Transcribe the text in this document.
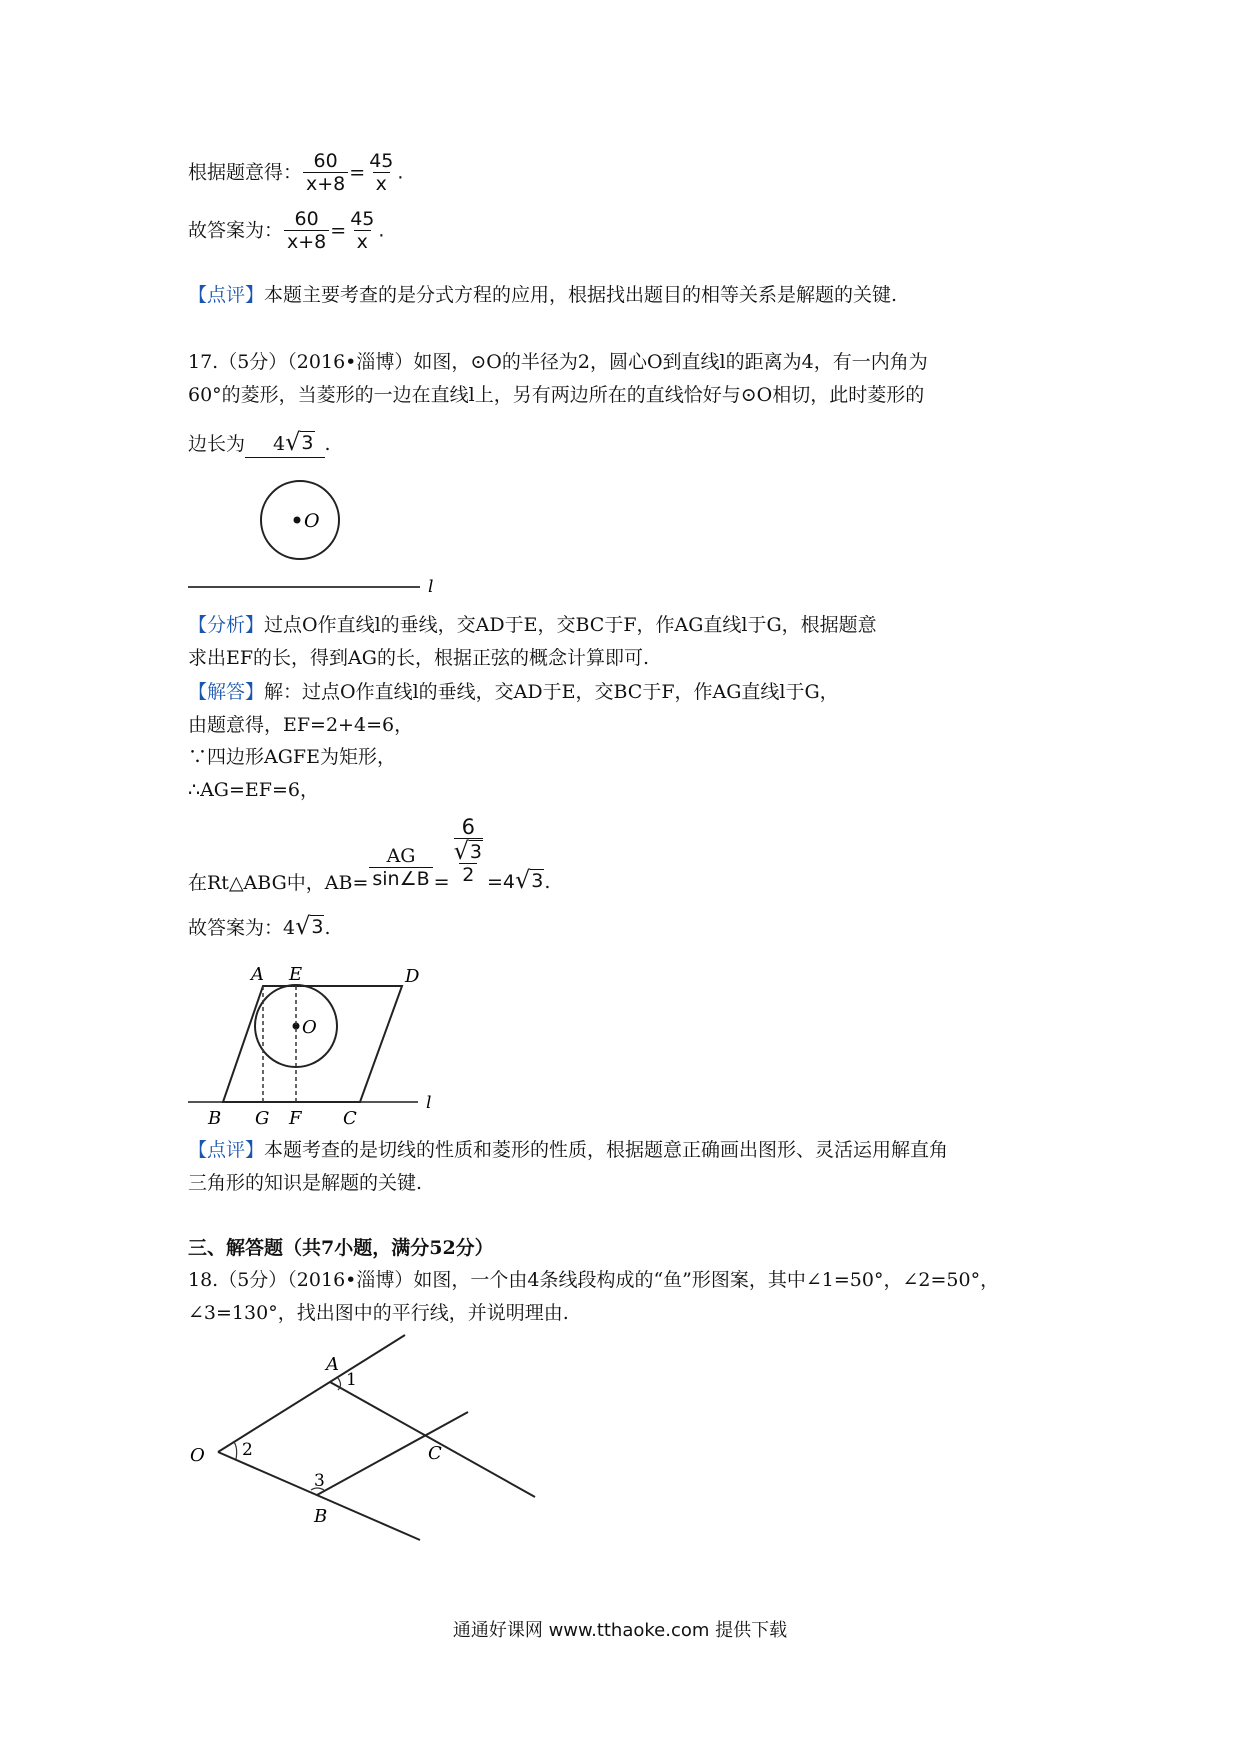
根据题意得： $\frac{60}{x+8} = \frac{45}{x}$ .
故答案为： $\frac{60}{x+8} = \frac{45}{x}$ .
【点评】本题主要考查的是分式方程的应用，根据找出题目的相等关系是解题的关键.
17.（5分）（2016•淄博）如图，⊙O的半径为2，圆心O到直线l的距离为4，有一内角为
60°的菱形，当菱形的一边在直线l上，另有两边所在的直线恰好与⊙O相切，此时菱形的
边长为 4 √ 3 .
O
l
【分析】过点O作直线l的垂线，交AD于E，交BC于F，作AG直线l于G，根据题意
求出EF的长，得到AG的长，根据正弦的概念计算即可.
【解答】解：过点O作直线l的垂线，交AD于E，交BC于F，作AG直线l于G，
由题意得，EF=2+4=6，
∵四边形AGFE为矩形，
∴AG=EF=6，
在Rt△ABG中，$AB= \frac{AG}{\sin\angle B} = 6$
√ 3
2 =4 √ 3 .
故答案为：4 √ 3 .
A E	D
O
B G F C
l
【点评】本题考查的是切线的性质和菱形的性质，根据题意正确画出图形、灵活运用解直角
三角形的知识是解题的关键.
三、解答题（共7小题，满分52分）
18.（5分）（2016•淄博）如图，一个由4条线段构成的“鱼”形图案，其中∠1=50°，∠2=50°，
∠3=130°，找出图中的平行线，并说明理由.
A
1
O 2	C
3
B
通通好课网 www.tthaoke.com 提供下载
